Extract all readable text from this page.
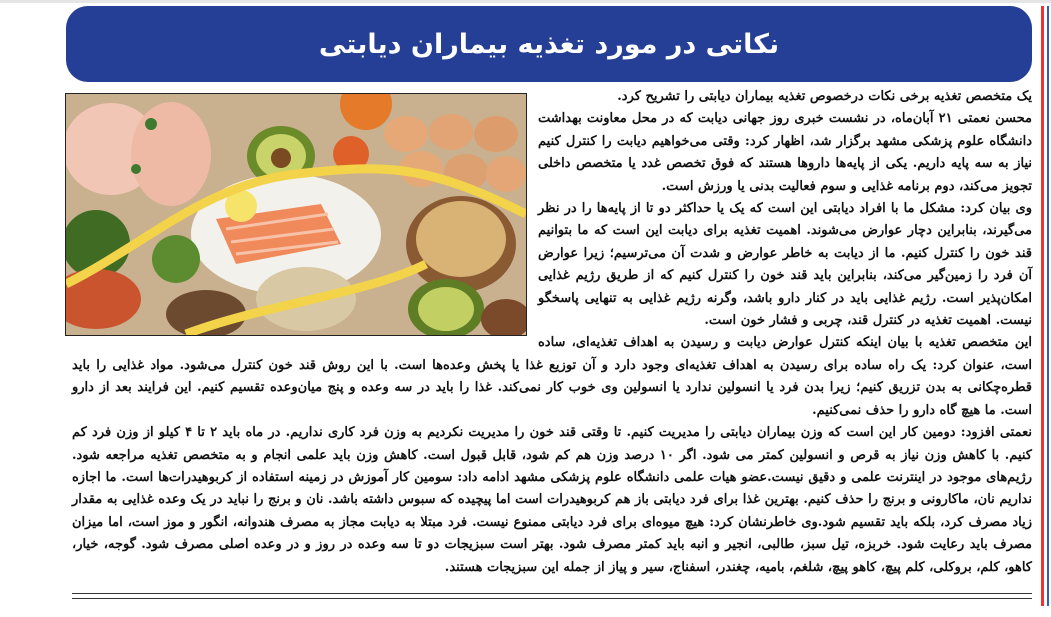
نکاتی در مورد تغذیه بیماران دیابتی

یک متخصص تغذیه برخی نکات درخصوص تغذیه بیماران دیابتی را تشریح کرد.

محسن نعمتی ۲۱ آبان‌ماه، در نشست خبری روز جهانی دیابت که در محل معاونت بهداشت دانشگاه علوم پزشکی مشهد برگزار شد، اظهار کرد: وقتی می‌خواهیم دیابت را کنترل کنیم نیاز به سه پایه داریم. یکی از پایه‌ها داروها هستند که فوق تخصص غدد یا متخصص داخلی تجویز می‌کند، دوم برنامه غذایی و سوم فعالیت بدنی یا ورزش است.

وی بیان کرد: مشکل ما با افراد دیابتی این است که یک یا حداکثر دو تا از پایه‌ها را در نظر می‌گیرند، بنابراین دچار عوارض می‌شوند. اهمیت تغذیه برای دیابت این است که ما بتوانیم قند خون را کنترل کنیم. ما از دیابت به خاطر عوارض و شدت آن می‌ترسیم؛ زیرا عوارض آن فرد را زمین‌گیر می‌کند، بنابراین باید قند خون را کنترل کنیم که از طریق رژیم غذایی امکان‌پذیر است. رژیم غذایی باید در کنار دارو باشد، وگرنه رژیم غذایی به تنهایی پاسخگو نیست. اهمیت تغذیه در کنترل قند، چربی و فشار خون است.

این متخصص تغذیه با بیان اینکه کنترل عوارض دیابت و رسیدن به اهداف تغذیه‌ای، ساده است، عنوان کرد: یک راه ساده برای رسیدن به اهداف تغذیه‌ای وجود دارد و آن توزیع غذا یا پخش وعده‌ها است. با این روش قند خون کنترل می‌شود. مواد غذایی را باید قطره‌چکانی به بدن تزریق کنیم؛ زیرا بدن فرد یا انسولین ندارد یا انسولین وی خوب کار نمی‌کند. غذا را باید در سه وعده و پنج میان‌وعده تقسیم کنیم. این فرایند بعد از دارو است. ما هیچ گاه دارو را حذف نمی‌کنیم.

نعمتی افزود: دومین کار این است که وزن بیماران دیابتی را مدیریت کنیم. تا وقتی قند خون را مدیریت نکردیم به وزن فرد کاری نداریم. در ماه باید ۲ تا ۴ کیلو از وزن فرد کم کنیم. با کاهش وزن نیاز به قرص و انسولین کمتر می شود. اگر ۱۰ درصد وزن هم کم شود، قابل قبول است. کاهش وزن باید علمی انجام و به متخصص تغذیه مراجعه شود. رژیم‌های موجود در اینترنت علمی و دقیق نیست.عضو هیات علمی دانشگاه علوم پزشکی مشهد ادامه داد: سومین کار آموزش در زمینه استفاده از کربوهیدرات‌ها است. ما اجازه نداریم نان، ماکارونی و برنج را حذف کنیم. بهترین غذا برای فرد دیابتی باز هم کربوهیدرات است اما پیچیده که سبوس داشته باشد. نان و برنج را نباید در یک وعده غذایی به مقدار زیاد مصرف کرد، بلکه باید تقسیم شود.وی خاطرنشان کرد: هیچ میوه‌ای برای فرد دیابتی ممنوع نیست. فرد مبتلا به دیابت مجاز به مصرف هندوانه، انگور و موز است، اما میزان مصرف باید رعایت شود. خربزه، تیل سبز، طالبی، انجیر و انبه باید کمتر مصرف شود. بهتر است سبزیجات دو تا سه وعده در روز و در وعده اصلی مصرف شود. گوجه، خیار، کاهو، کلم، بروکلی، کلم پیچ، کاهو پیچ، شلغم، بامیه، چغندر، اسفناج، سیر و پیاز از جمله این سبزیجات هستند.
